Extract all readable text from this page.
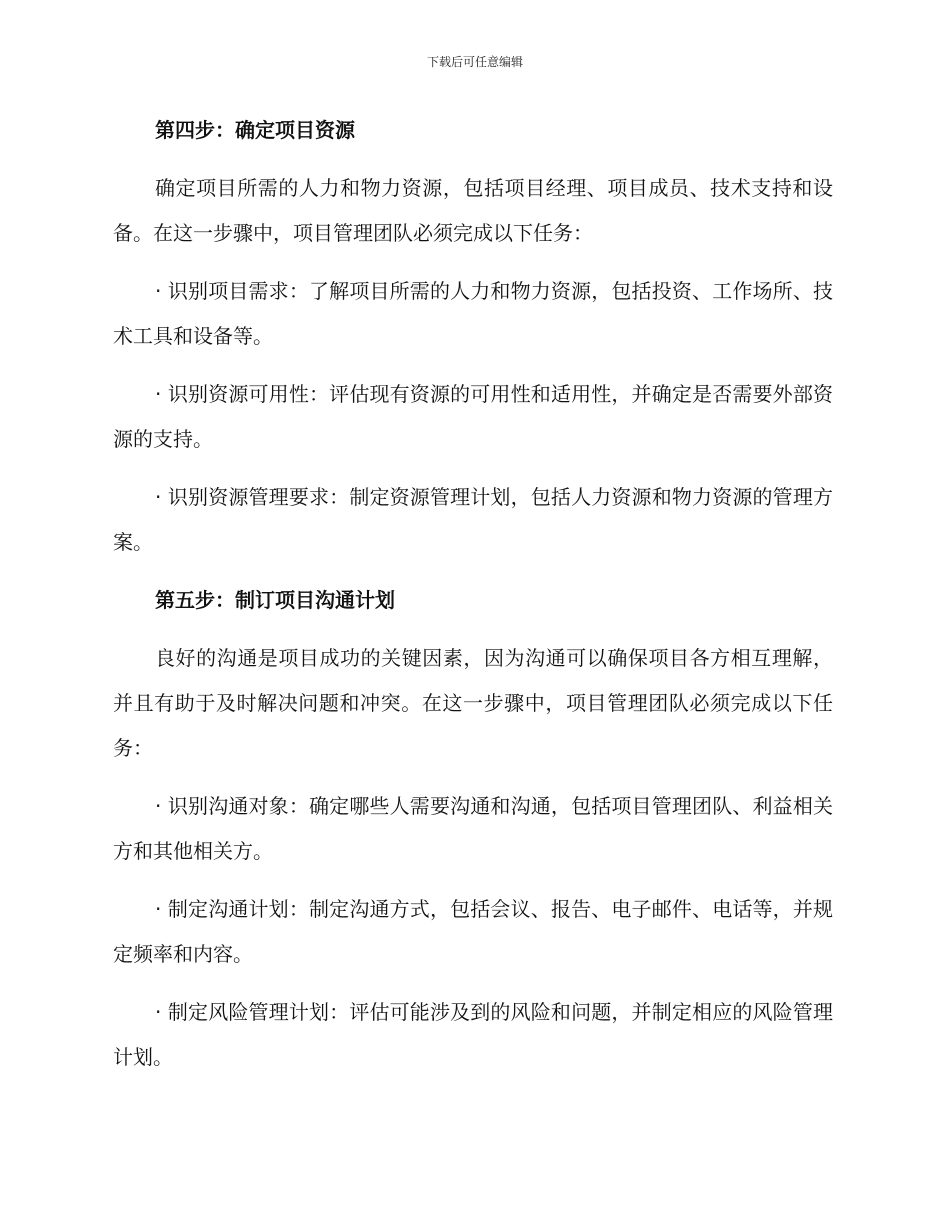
下载后可任意编辑
第四步：确定项目资源

确定项目所需的人力和物力资源，包括项目经理、项目成员、技术支持和设备。在这一步骤中，项目管理团队必须完成以下任务：

· 识别项目需求：了解项目所需的人力和物力资源，包括投资、工作场所、技术工具和设备等。

· 识别资源可用性：评估现有资源的可用性和适用性，并确定是否需要外部资源的支持。

· 识别资源管理要求：制定资源管理计划，包括人力资源和物力资源的管理方案。

第五步：制订项目沟通计划

良好的沟通是项目成功的关键因素，因为沟通可以确保项目各方相互理解，并且有助于及时解决问题和冲突。在这一步骤中，项目管理团队必须完成以下任务：

· 识别沟通对象：确定哪些人需要沟通和沟通，包括项目管理团队、利益相关方和其他相关方。

· 制定沟通计划：制定沟通方式，包括会议、报告、电子邮件、电话等，并规定频率和内容。

· 制定风险管理计划：评估可能涉及到的风险和问题，并制定相应的风险管理计划。
